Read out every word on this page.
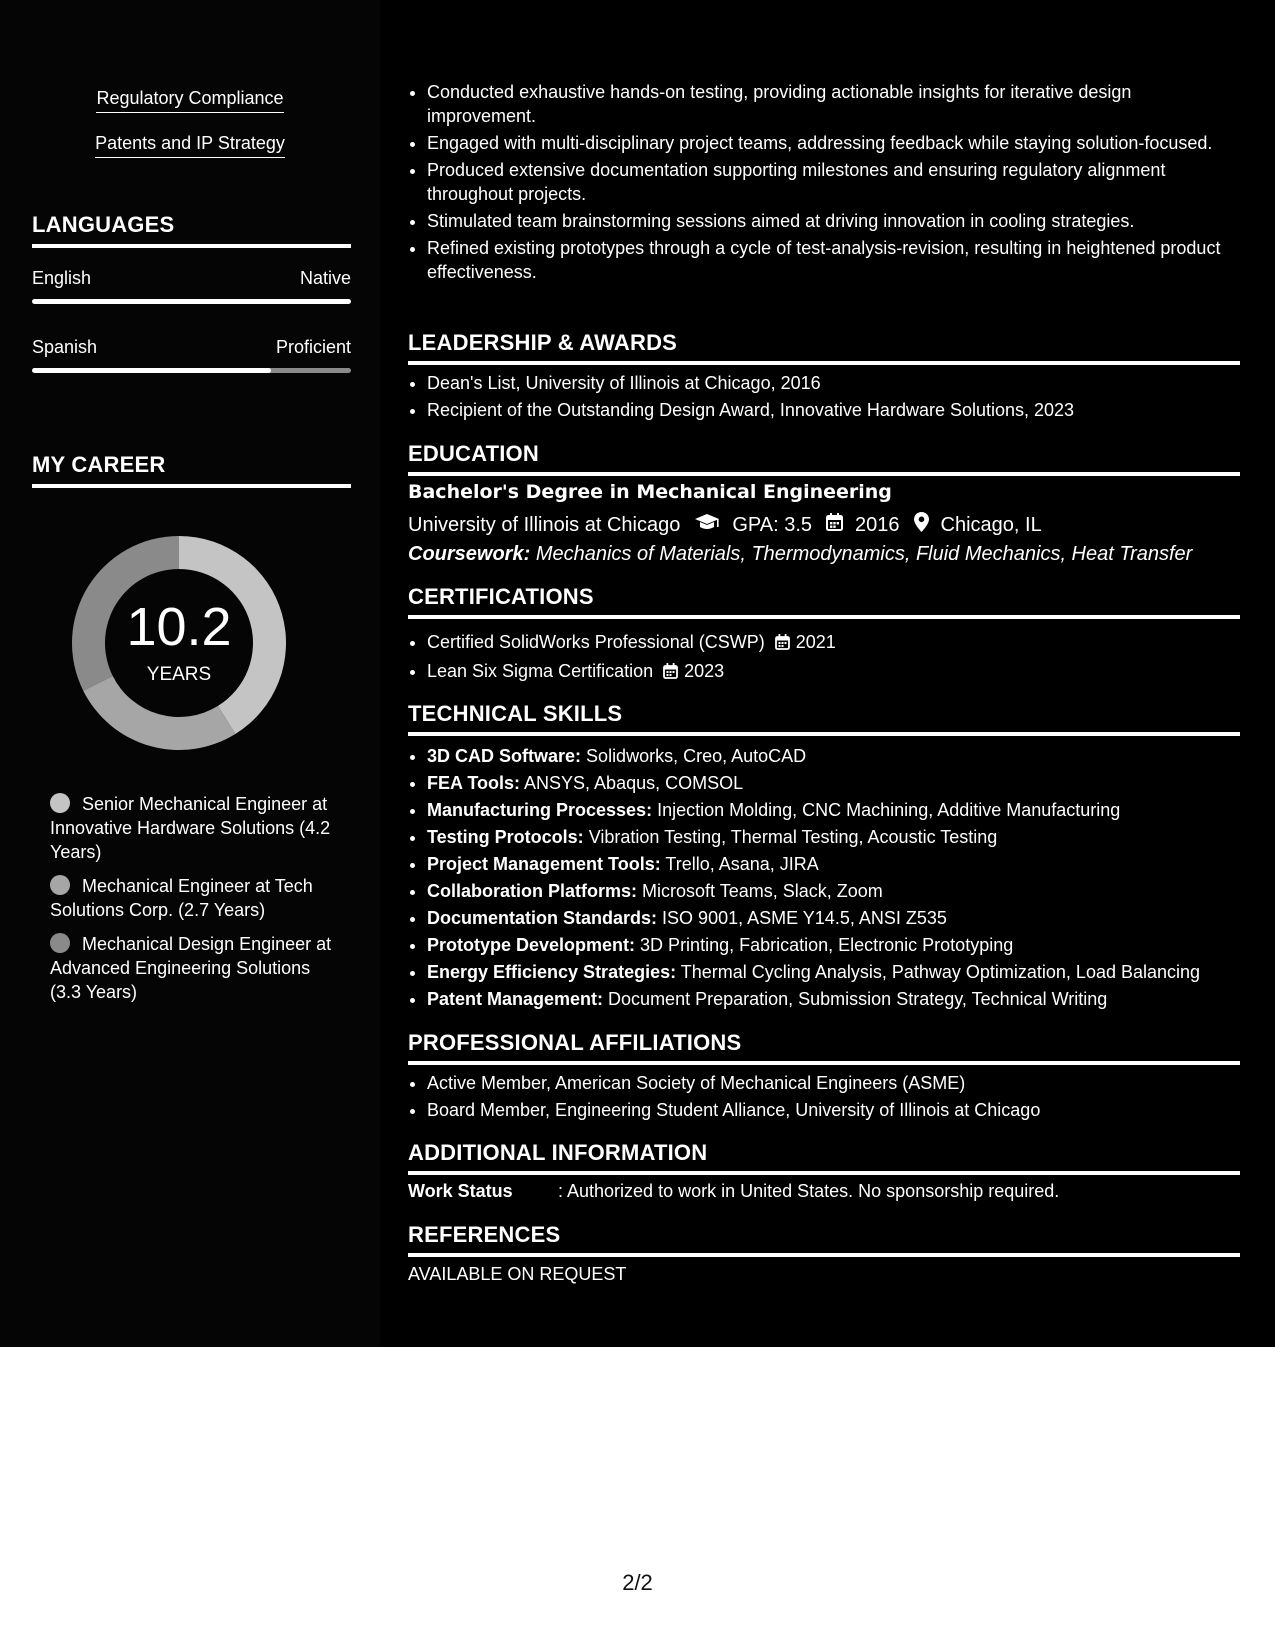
Regulatory Compliance
Patents and IP Strategy
LANGUAGES
English	Native
Spanish	Proficient
MY CAREER
10.2
YEARS
Senior Mechanical Engineer at Innovative Hardware Solutions (4.2 Years)
Mechanical Engineer at Tech Solutions Corp. (2.7 Years)
Mechanical Design Engineer at Advanced Engineering Solutions (3.3 Years)
• Conducted exhaustive hands-on testing, providing actionable insights for iterative design improvement.
• Engaged with multi-disciplinary project teams, addressing feedback while staying solution-focused.
• Produced extensive documentation supporting milestones and ensuring regulatory alignment throughout projects.
• Stimulated team brainstorming sessions aimed at driving innovation in cooling strategies.
• Refined existing prototypes through a cycle of test-analysis-revision, resulting in heightened product effectiveness.
LEADERSHIP & AWARDS
• Dean's List, University of Illinois at Chicago, 2016
• Recipient of the Outstanding Design Award, Innovative Hardware Solutions, 2023
EDUCATION
Bachelor's Degree in Mechanical Engineering
University of Illinois at Chicago	GPA: 3.5 2016 Chicago, IL
Coursework: Mechanics of Materials, Thermodynamics, Fluid Mechanics, Heat Transfer
CERTIFICATIONS
• Certified SolidWorks Professional (CSWP) 2021
• Lean Six Sigma Certification 2023
TECHNICAL SKILLS
• 3D CAD Software: Solidworks, Creo, AutoCAD
• FEA Tools: ANSYS, Abaqus, COMSOL
• Manufacturing Processes: Injection Molding, CNC Machining, Additive Manufacturing
• Testing Protocols: Vibration Testing, Thermal Testing, Acoustic Testing
• Project Management Tools: Trello, Asana, JIRA
• Collaboration Platforms: Microsoft Teams, Slack, Zoom
• Documentation Standards: ISO 9001, ASME Y14.5, ANSI Z535
• Prototype Development: 3D Printing, Fabrication, Electronic Prototyping
• Energy Efficiency Strategies: Thermal Cycling Analysis, Pathway Optimization, Load Balancing
• Patent Management: Document Preparation, Submission Strategy, Technical Writing
PROFESSIONAL AFFILIATIONS
• Active Member, American Society of Mechanical Engineers (ASME)
• Board Member, Engineering Student Alliance, University of Illinois at Chicago
ADDITIONAL INFORMATION
Work Status	: Authorized to work in United States. No sponsorship required.
REFERENCES
AVAILABLE ON REQUEST
2/2
